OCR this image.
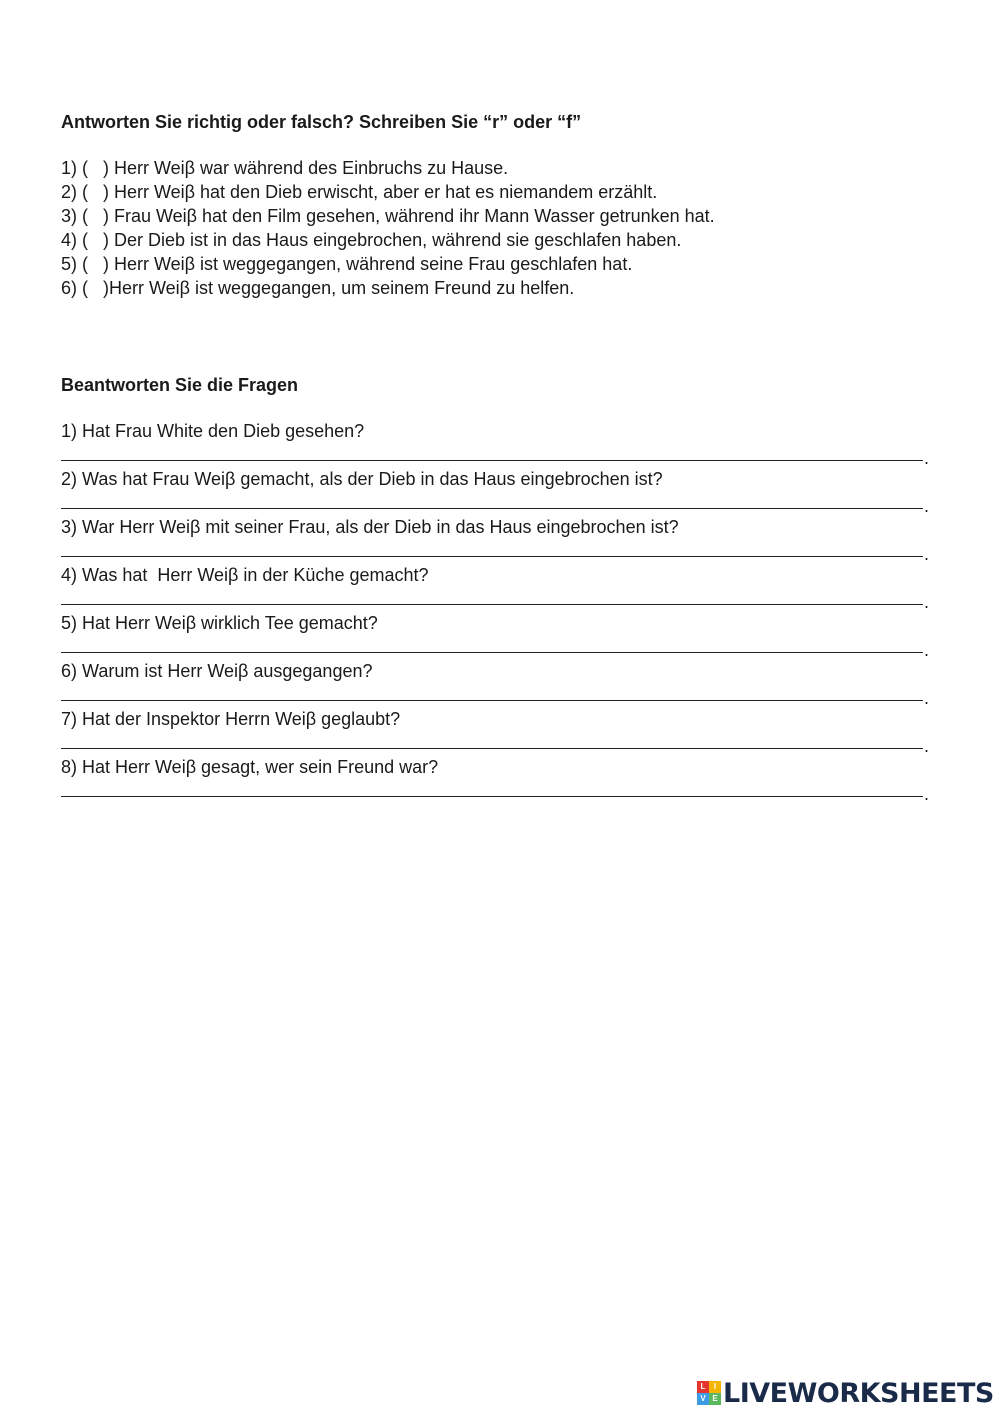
Antworten Sie richtig oder falsch? Schreiben Sie “r” oder “f”
1) (   ) Herr Weiβ war während des Einbruchs zu Hause.
2) (   ) Herr Weiβ hat den Dieb erwischt, aber er hat es niemandem erzählt.
3) (   ) Frau Weiβ hat den Film gesehen, während ihr Mann Wasser getrunken hat.
4) (   ) Der Dieb ist in das Haus eingebrochen, während sie geschlafen haben.
5) (   ) Herr Weiβ ist weggegangen, während seine Frau geschlafen hat.
6) (   )Herr Weiβ ist weggegangen, um seinem Freund zu helfen.
Beantworten Sie die Fragen
1) Hat Frau White den Dieb gesehen?
.
2) Was hat Frau Weiβ gemacht, als der Dieb in das Haus eingebrochen ist?
.
3) War Herr Weiβ mit seiner Frau, als der Dieb in das Haus eingebrochen ist?
.
4) Was hat  Herr Weiβ in der Küche gemacht?
.
5) Hat Herr Weiβ wirklich Tee gemacht?
.
6) Warum ist Herr Weiβ ausgegangen?
.
7) Hat der Inspektor Herrn Weiβ geglaubt?
.
8) Hat Herr Weiβ gesagt, wer sein Freund war?
.
L	I
V E LIVEWORKSHEETS
